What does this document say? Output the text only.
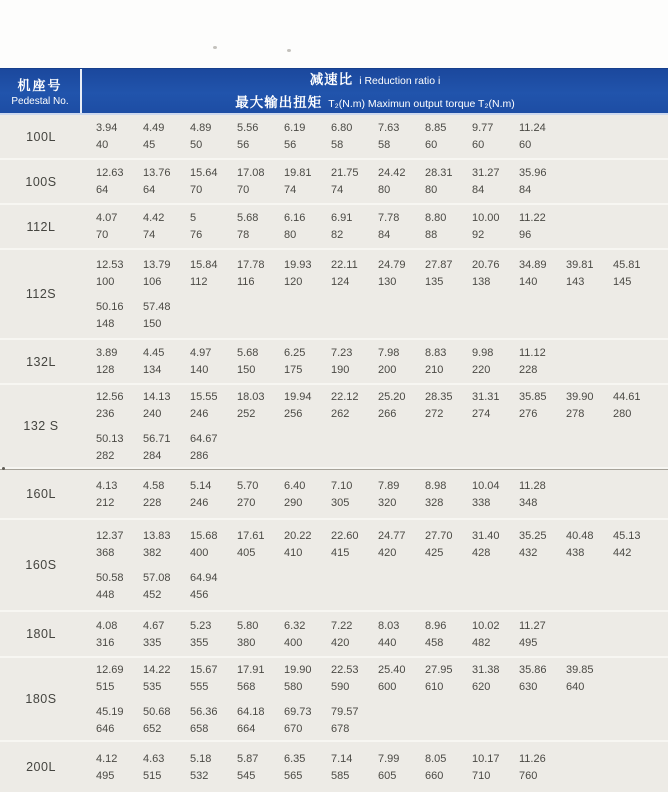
机座号
Pedestal No.
减速比 i Reduction ratio i
最大输出扭矩 T₂(N.m) Maximun output torque T₂(N.m)
100L
3.94	4.49	4.89	5.56	6.19	6.80	7.63	8.85	9.77	11.24
40	45	50	56	56	58	58	60	60	60
100S
12.63	13.76	15.64	17.08	19.81	21.75	24.42	28.31	31.27	35.96
64	64	70	70	74	74	80	80	84	84
112L
4.07	4.42	5	5.68	6.16	6.91	7.78	8.80	10.00	11.22
70	74	76	78	80	82	84	88	92	96
112S
12.53	13.79	15.84	17.78	19.93	22.11	24.79	27.87	20.76	34.89	39.81	45.81
100	106	112	116	120	124	130	135	138	140	143	145
50.16	57.48
148	150
132L
3.89	4.45	4.97	5.68	6.25	7.23	7.98	8.83	9.98	11.12
128	134	140	150	175	190	200	210	220	228
132 S
12.56	14.13	15.55	18.03	19.94	22.12	25.20	28.35	31.31	35.85	39.90	44.61
236	240	246	252	256	262	266	272	274	276	278	280
50.13	56.71	64.67
282	284	286
160L
4.13	4.58	5.14	5.70	6.40	7.10	7.89	8.98	10.04	11.28
212	228	246	270	290	305	320	328	338	348
160S
12.37	13.83	15.68	17.61	20.22	22.60	24.77	27.70	31.40	35.25	40.48	45.13
368	382	400	405	410	415	420	425	428	432	438	442
50.58	57.08	64.94
448	452	456
180L
4.08	4.67	5.23	5.80	6.32	7.22	8.03	8.96	10.02	11.27
316	335	355	380	400	420	440	458	482	495
180S
12.69	14.22	15.67	17.91	19.90	22.53	25.40	27.95	31.38	35.86	39.85
515	535	555	568	580	590	600	610	620	630	640
45.19	50.68	56.36	64.18	69.73	79.57
646	652	658	664	670	678
200L
4.12	4.63	5.18	5.87	6.35	7.14	7.99	8.05	10.17	11.26
495	515	532	545	565	585	605	660	710	760
